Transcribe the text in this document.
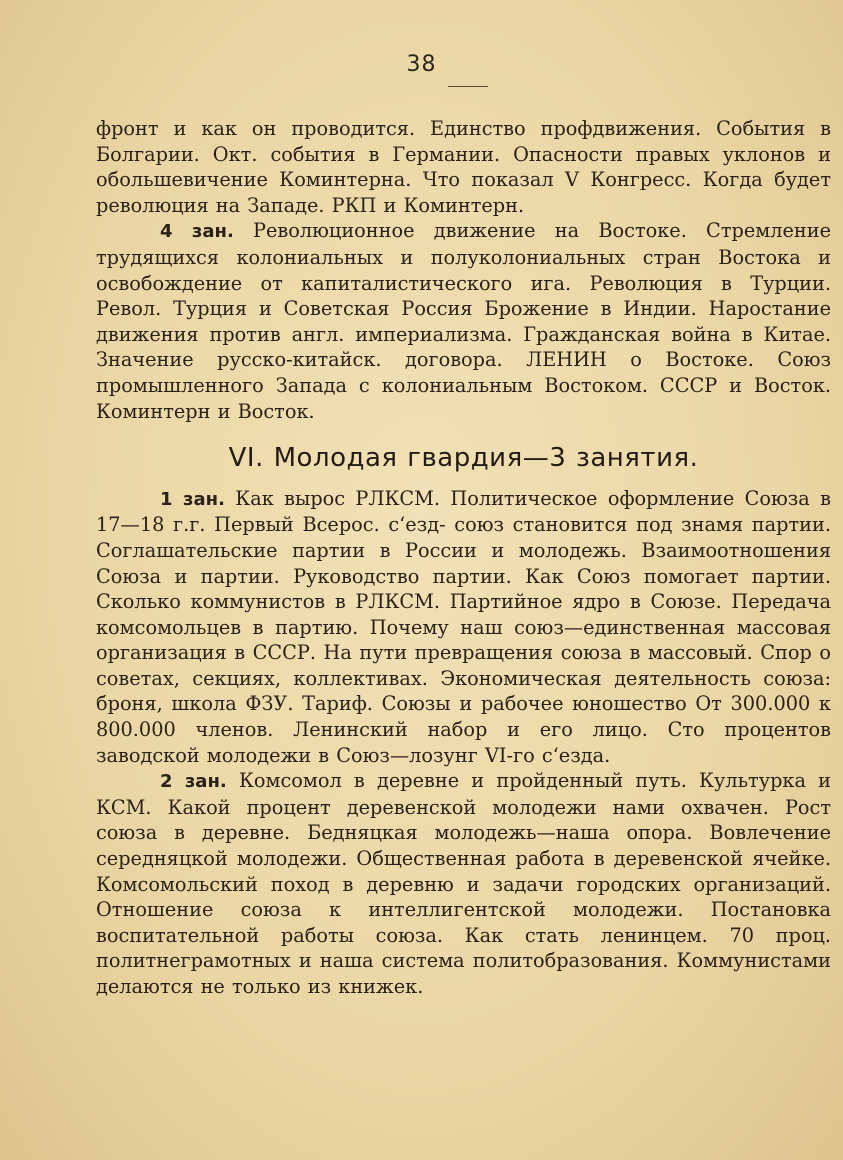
38

фронт и как он проводится. Единство профдвижения. События в Болгарии. Окт. события в Германии. Опасности правых уклонов и обольшевичение Коминтерна. Что показал V Конгресс. Когда будет революция на Западе. РКП и Коминтерн.

4 зан. Революционное движение на Востоке. Стремление трудящихся колониальных и полуколониальных стран Востока и освобождение от капиталистического ига. Революция в Турции. Револ. Турция и Советская Россия Брожение в Индии. Наростание движения против англ. империализма. Гражданская война в Китае. Значение русско-китайск. договора. ЛЕНИН о Востоке. Союз промышленного Запада с колониальным Востоком. СССР и Восток. Коминтерн и Восток.

VI. Молодая гвардия—3 занятия.

1 зан. Как вырос РЛКСМ. Политическое оформление Союза в 17—18 г.г. Первый Всерос. с‘езд- союз становится под знамя партии. Соглашательские партии в России и молодежь. Взаимоотношения Союза и партии. Руководство партии. Как Союз помогает партии. Сколько коммунистов в РЛКСМ. Партийное ядро в Союзе. Передача комсомольцев в партию. Почему наш союз—единственная массовая организация в СССР. На пути превращения союза в массовый. Спор о советах, секциях, коллективах. Экономическая деятельность союза: броня, школа ФЗУ. Тариф. Союзы и рабочее юношество От 300.000 к 800.000 членов. Ленинский набор и его лицо. Сто процентов заводской молодежи в Союз—лозунг VI-го с‘езда.

2 зан. Комсомол в деревне и пройденный путь. Культурка и КСМ. Какой процент деревенской молодежи нами охвачен. Рост союза в деревне. Бедняцкая молодежь—наша опора. Вовлечение середняцкой молодежи. Общественная работа в деревенской ячейке. Комсомольский поход в деревню и задачи городских организаций. Отношение союза к интеллигентской молодежи. Постановка воспитательной работы союза. Как стать ленинцем. 70 проц. политнеграмотных и наша система политобразования. Коммунистами делаются не только из книжек.
